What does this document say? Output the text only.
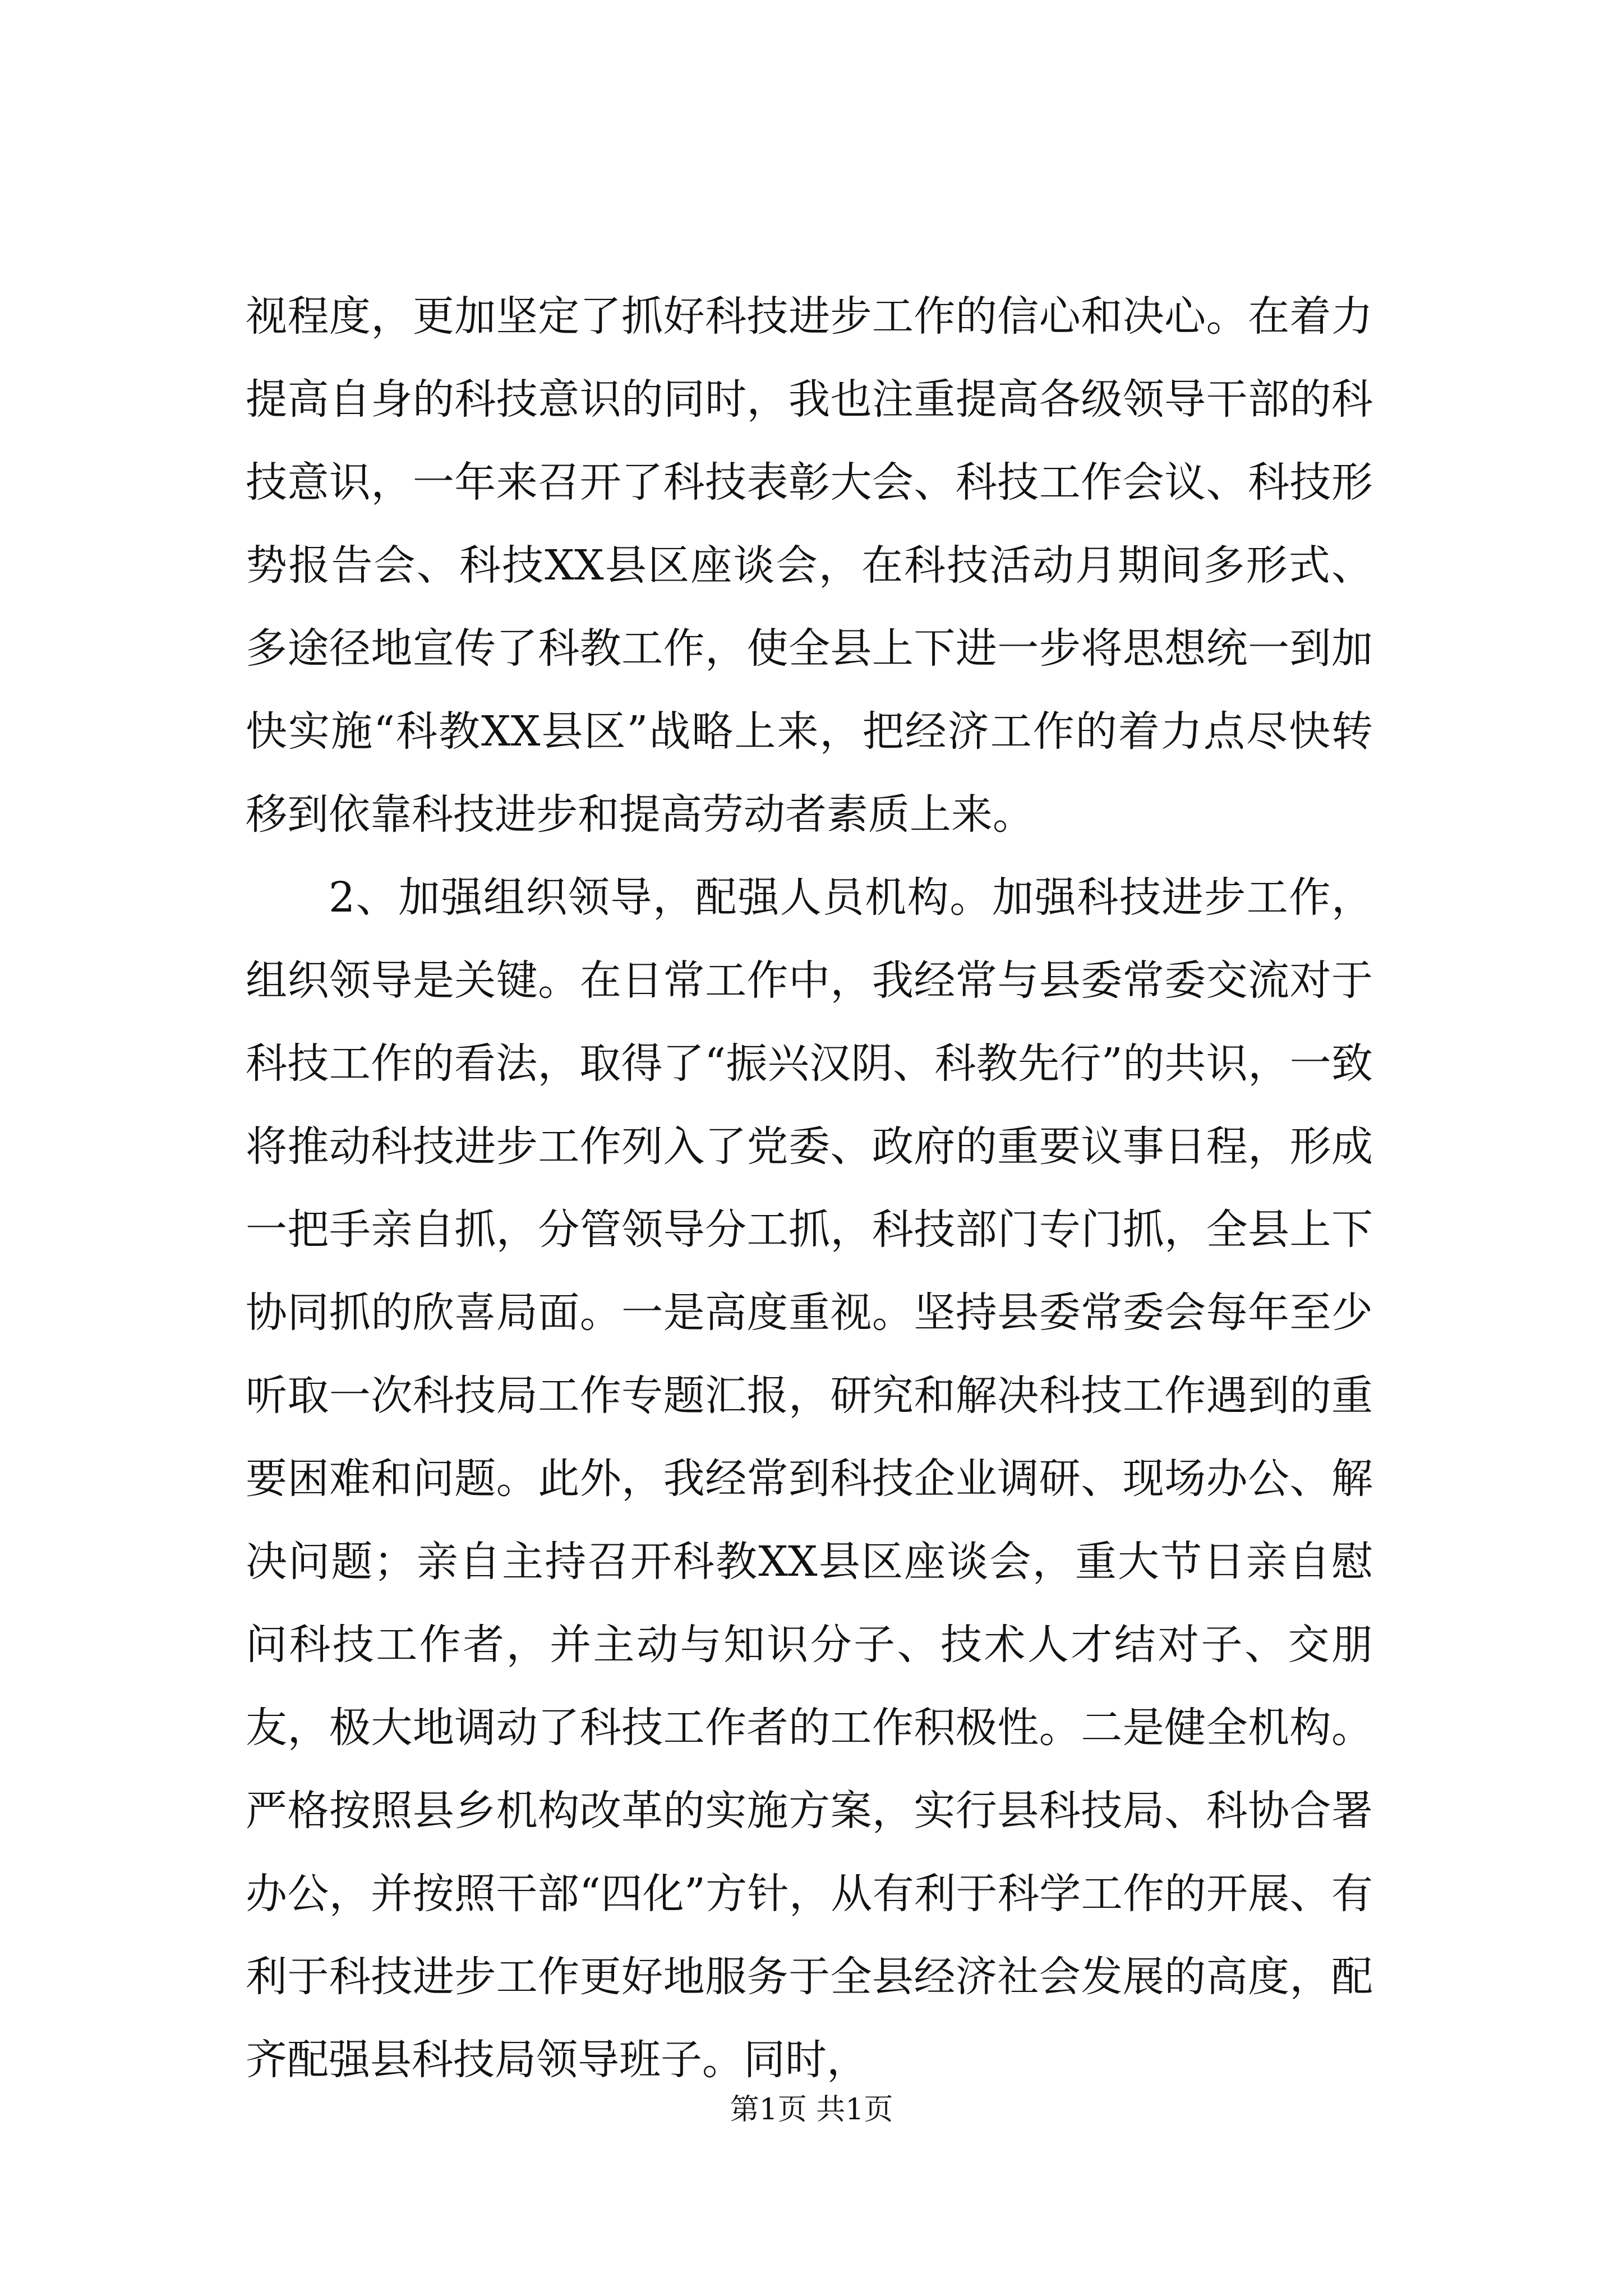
视程度，更加坚定了抓好科技进步工作的信心和决心。在着力提高自身的科技意识的同时，我也注重提高各级领导干部的科技意识，一年来召开了科技表彰大会、科技工作会议、科技形势报告会、科技XX县区座谈会，在科技活动月期间多形式、多途径地宣传了科教工作，使全县上下进一步将思想统一到加快实施“科教XX县区”战略上来，把经济工作的着力点尽快转移到依靠科技进步和提高劳动者素质上来。

2、加强组织领导，配强人员机构。加强科技进步工作，组织领导是关键。在日常工作中，我经常与县委常委交流对于科技工作的看法，取得了“振兴汉阴、科教先行”的共识，一致将推动科技进步工作列入了党委、政府的重要议事日程，形成一把手亲自抓，分管领导分工抓，科技部门专门抓，全县上下协同抓的欣喜局面。一是高度重视。坚持县委常委会每年至少听取一次科技局工作专题汇报，研究和解决科技工作遇到的重要困难和问题。此外，我经常到科技企业调研、现场办公、解决问题；亲自主持召开科教XX县区座谈会，重大节日亲自慰问科技工作者，并主动与知识分子、技术人才结对子、交朋友，极大地调动了科技工作者的工作积极性。二是健全机构。严格按照县乡机构改革的实施方案，实行县科技局、科协合署办公，并按照干部“四化”方针，从有利于科学工作的开展、有利于科技进步工作更好地服务于全县经济社会发展的高度，配齐配强县科技局领导班子。同时，

第1页 共1页
